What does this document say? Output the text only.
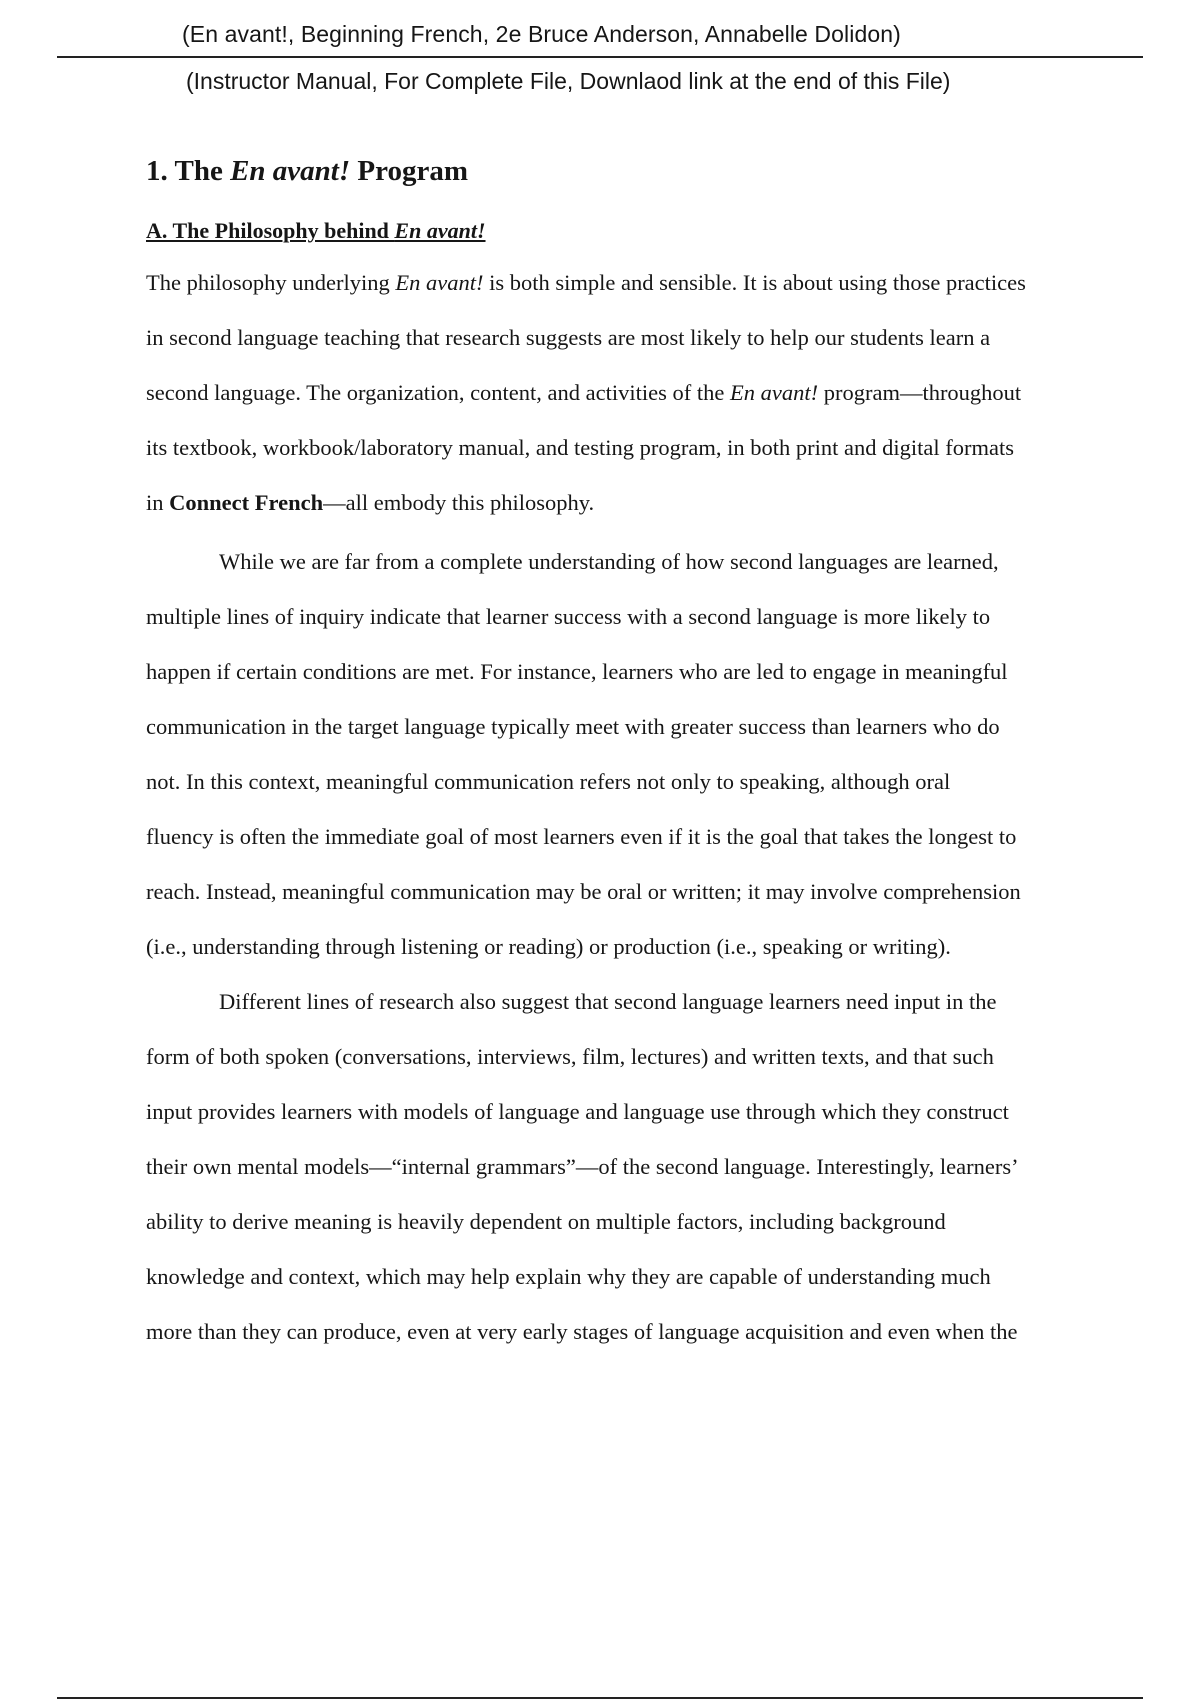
(En avant!, Beginning French, 2e Bruce Anderson, Annabelle Dolidon)
(Instructor Manual, For Complete File, Downlaod link at the end of this File)
1. The En avant! Program
A. The Philosophy behind En avant!
The philosophy underlying En avant! is both simple and sensible. It is about using those practices
in second language teaching that research suggests are most likely to help our students learn a
second language. The organization, content, and activities of the En avant! program—throughout
its textbook, workbook/laboratory manual, and testing program, in both print and digital formats
in Connect French—all embody this philosophy.
While we are far from a complete understanding of how second languages are learned,
multiple lines of inquiry indicate that learner success with a second language is more likely to
happen if certain conditions are met. For instance, learners who are led to engage in meaningful
communication in the target language typically meet with greater success than learners who do
not. In this context, meaningful communication refers not only to speaking, although oral
fluency is often the immediate goal of most learners even if it is the goal that takes the longest to
reach. Instead, meaningful communication may be oral or written; it may involve comprehension
(i.e., understanding through listening or reading) or production (i.e., speaking or writing).
Different lines of research also suggest that second language learners need input in the
form of both spoken (conversations, interviews, film, lectures) and written texts, and that such
input provides learners with models of language and language use through which they construct
their own mental models—“internal grammars”—of the second language. Interestingly, learners’
ability to derive meaning is heavily dependent on multiple factors, including background
knowledge and context, which may help explain why they are capable of understanding much
more than they can produce, even at very early stages of language acquisition and even when the
